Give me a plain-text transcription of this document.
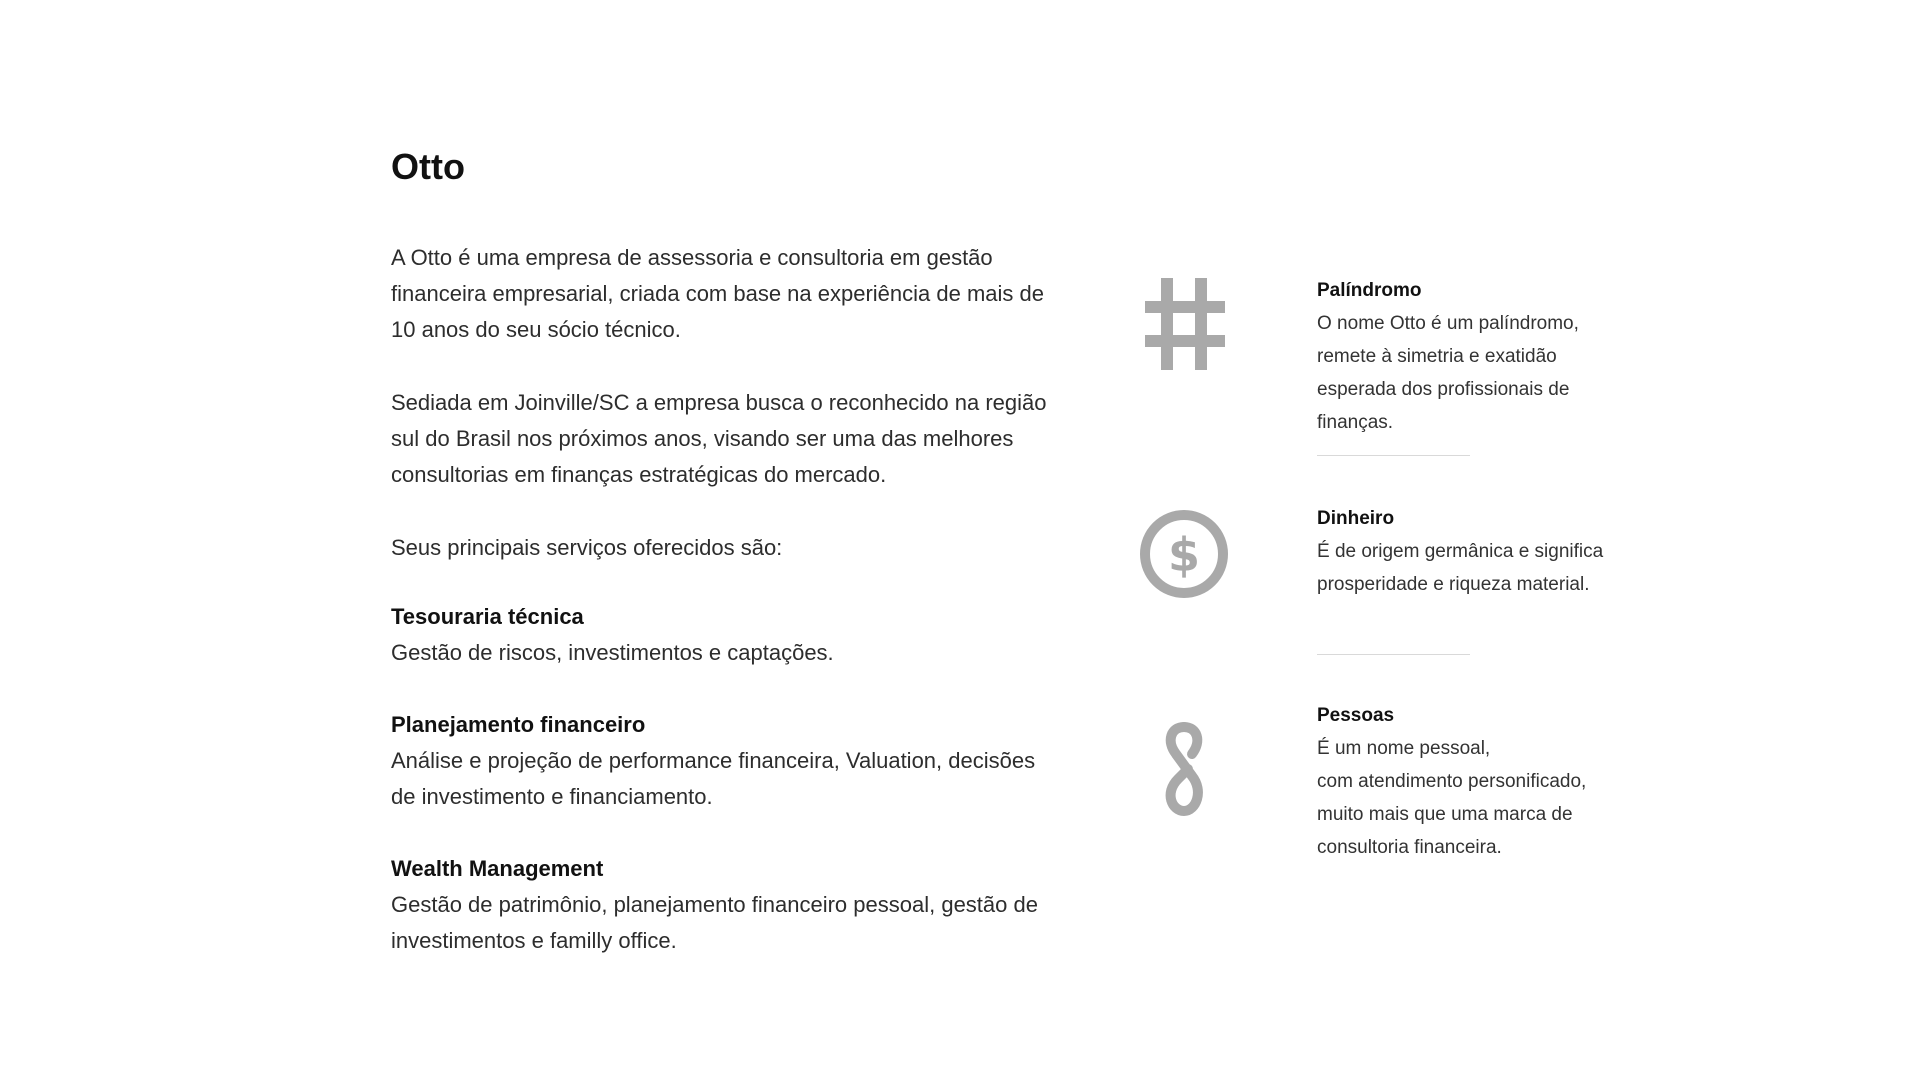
Otto

A Otto é uma empresa de assessoria e consultoria em gestão financeira empresarial, criada com base na experiência de mais de 10 anos do seu sócio técnico.

Sediada em Joinville/SC a empresa busca o reconhecido na região sul do Brasil nos próximos anos, visando ser uma das melhores consultorias em finanças estratégicas do mercado.

Seus principais serviços oferecidos são:

Tesouraria técnica

Gestão de riscos, investimentos e captações.

Planejamento financeiro

Análise e projeção de performance financeira, Valuation, decisões de investimento e financiamento.

Wealth Management

Gestão de patrimônio, planejamento financeiro pessoal, gestão de investimentos e familly office.

Palíndromo
O nome Otto é um palíndromo,
remete à simetria e exatidão
esperada dos profissionais de
finanças.
$
Dinheiro
É de origem germânica e significa
prosperidade e riqueza material.
Pessoas
É um nome pessoal,
com atendimento personificado,
muito mais que uma marca de
consultoria financeira.
